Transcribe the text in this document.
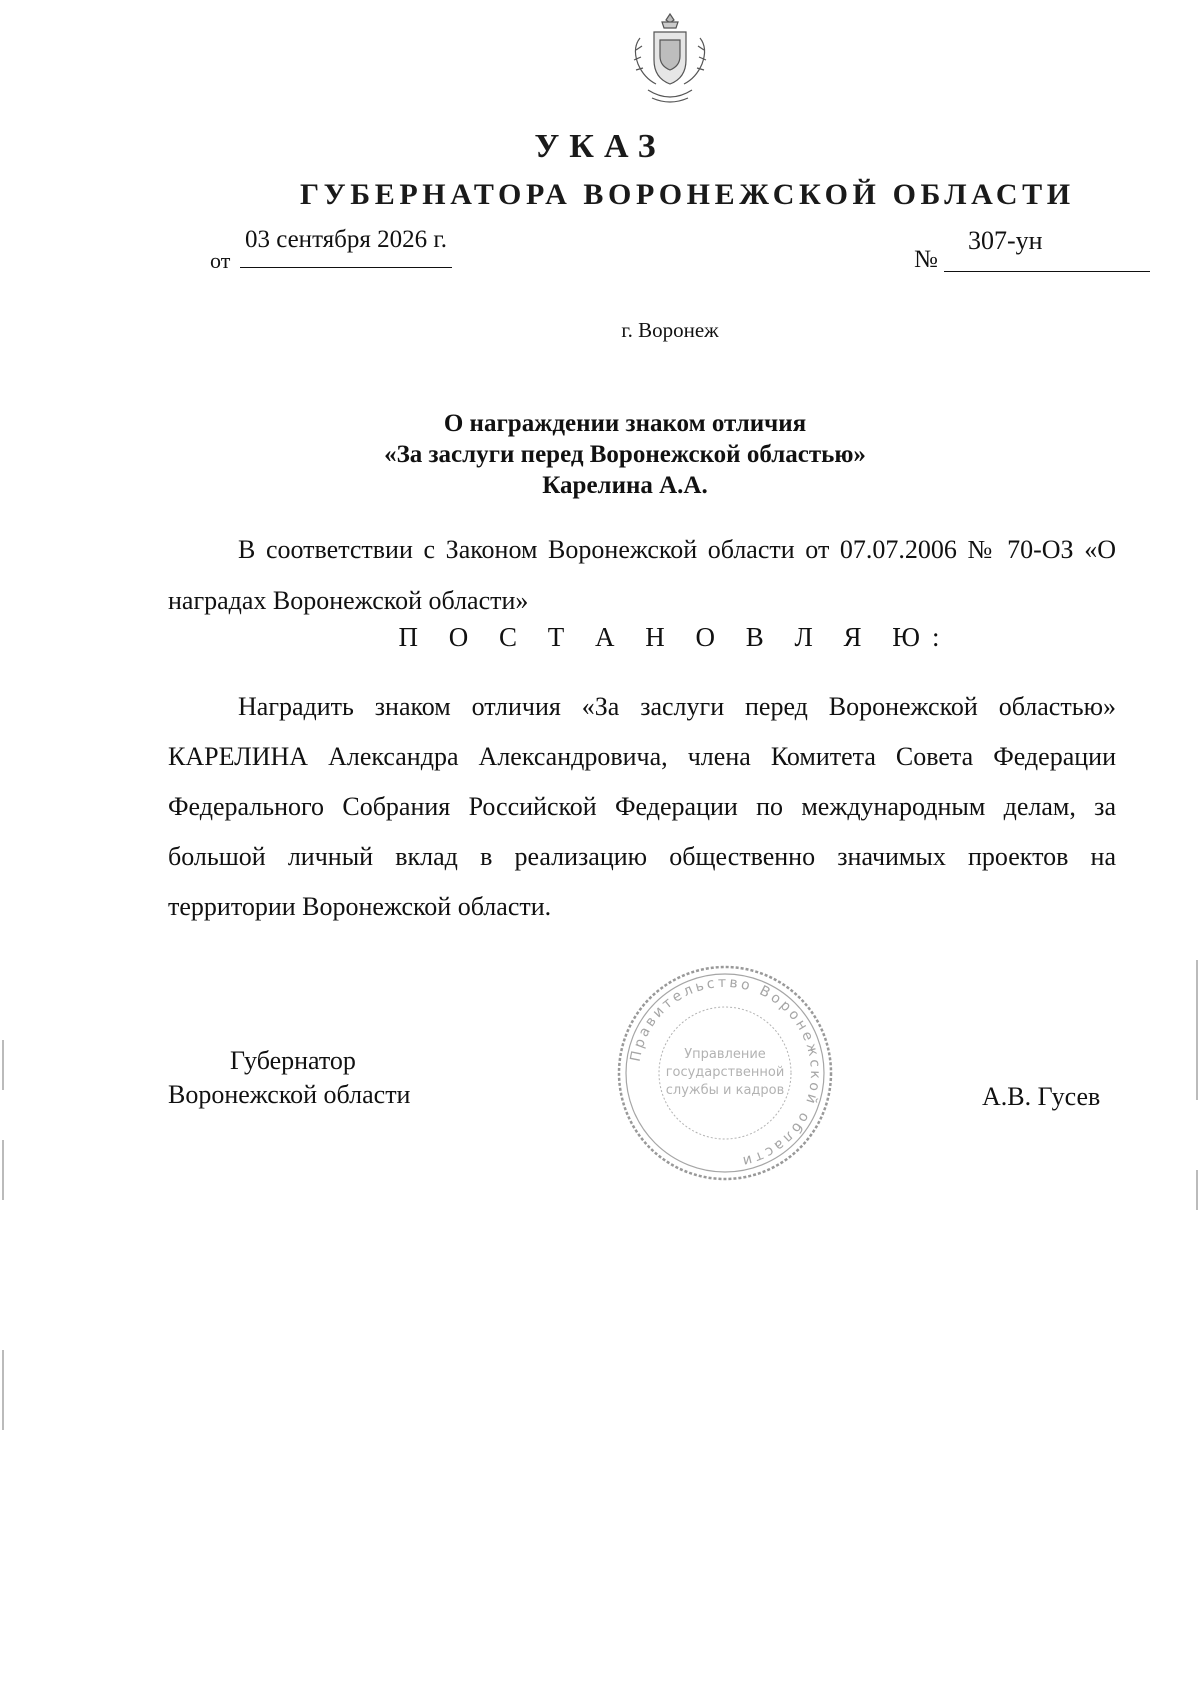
УКАЗ
ГУБЕРНАТОРА ВОРОНЕЖСКОЙ ОБЛАСТИ
от
03 сентября 2026 г.
№
307-ун
г. Воронеж
О награждении знаком отличия
«За заслуги перед Воронежской областью»
Карелина А.А.
В соответствии с Законом Воронежской области от 07.07.2006 № 70-ОЗ «О наградах Воронежской области»
П О С Т А Н О В Л Я Ю:
Наградить знаком отличия «За заслуги перед Воронежской областью» КАРЕЛИНА Александра Александровича, члена Комитета Совета Федерации Федерального Собрания Российской Федерации по международным делам, за большой личный вклад в реализацию общественно значимых проектов на территории Воронежской области.
Губернатор
Воронежской области
Правительство Воронежской области
Управление
государственной
службы и кадров	А.В. Гусев
